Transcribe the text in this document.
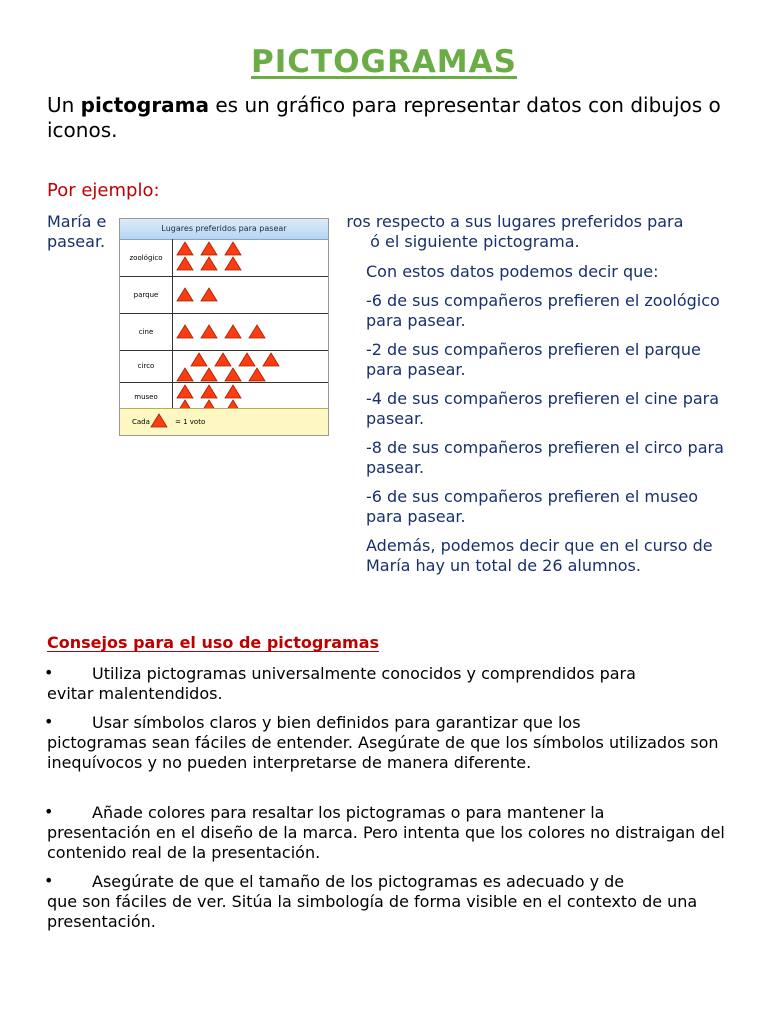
PICTOGRAMAS
Un pictograma es un gráfico para representar datos con dibujos o iconos.
Por ejemplo:
María e	ros respecto a sus lugares preferidos para
pasear.	ó el siguiente pictograma.
Lugares preferidos para pasear
zoológico
parque
cine
circo
museo
Cada	= 1 voto

Con estos datos podemos decir que:

-6 de sus compañeros prefieren el zoológico para pasear.

-2 de sus compañeros prefieren el parque para pasear.

-4 de sus compañeros prefieren el cine para pasear.

-8 de sus compañeros prefieren el circo para pasear.

-6 de sus compañeros prefieren el museo para pasear.

Además, podemos decir que en el curso de María hay un total de 26 alumnos.

Consejos para el uso de pictogramas
•	Utiliza pictogramas universalmente conocidos y comprendidos para
evitar malentendidos.
•	Usar símbolos claros y bien definidos para garantizar que los
pictogramas sean fáciles de entender. Asegúrate de que los símbolos utilizados son inequívocos y no pueden interpretarse de manera diferente.
•	Añade colores para resaltar los pictogramas o para mantener la
presentación en el diseño de la marca. Pero intenta que los colores no distraigan del contenido real de la presentación.
•	Asegúrate de que el tamaño de los pictogramas es adecuado y de
que son fáciles de ver. Sitúa la simbología de forma visible en el contexto de una presentación.
